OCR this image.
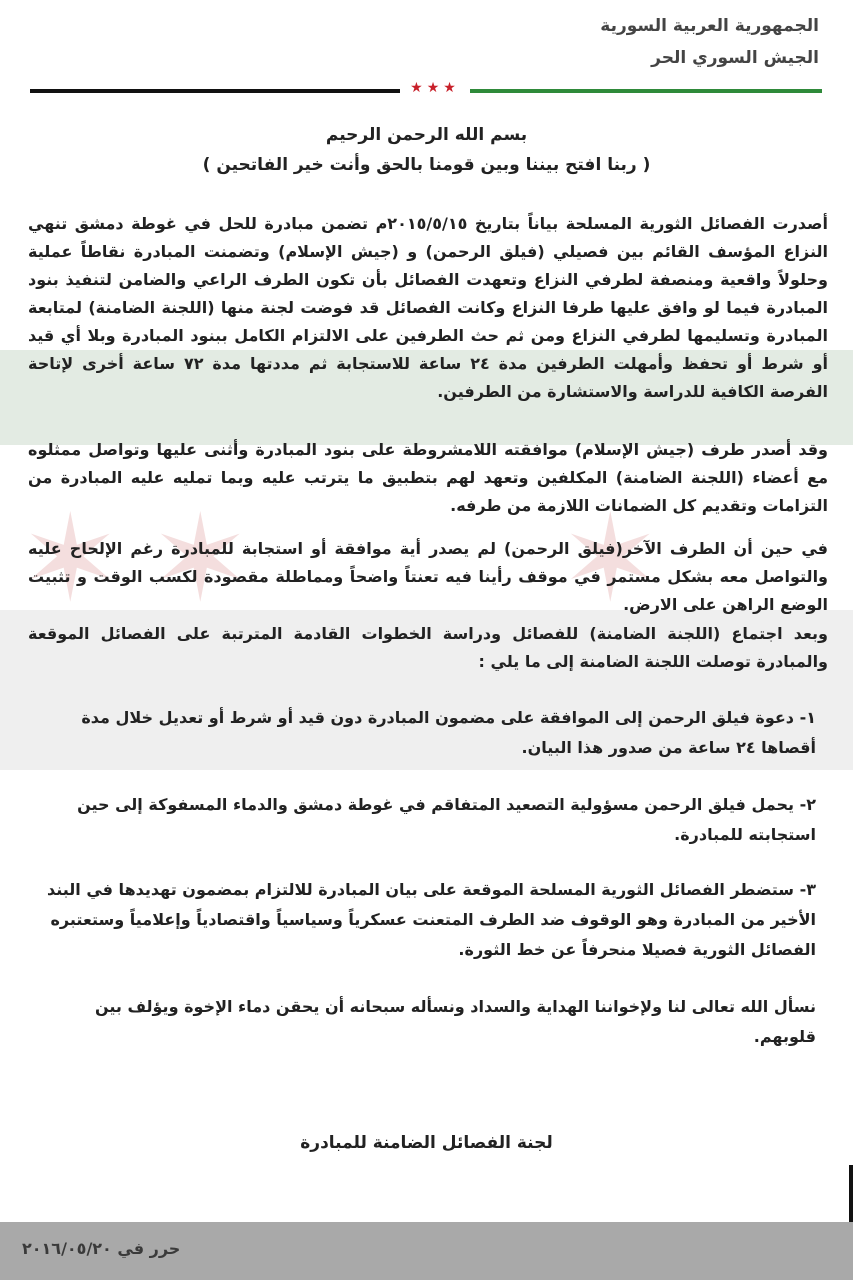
✶	✶
✶
الجمهورية العربية السورية
الجيش السوري الحر
★★★
بسم الله الرحمن الرحيم
( ربنا افتح بيننا وبين قومنا بالحق وأنت خير الفاتحين )
أصدرت الفصائل الثورية المسلحة بياناً بتاريخ ٢٠١٥/٥/١٥م تضمن مبادرة للحل في غوطة دمشق تنهي النزاع المؤسف القائم بين فصيلي (فيلق الرحمن) و (جيش الإسلام) وتضمنت المبادرة نقاطاً عملية وحلولاً واقعية ومنصفة لطرفي النزاع وتعهدت الفصائل بأن تكون الطرف الراعي والضامن لتنفيذ بنود المبادرة فيما لو وافق عليها طرفا النزاع وكانت الفصائل قد فوضت لجنة منها (اللجنة الضامنة) لمتابعة المبادرة وتسليمها لطرفي النزاع ومن ثم حث الطرفين على الالتزام الكامل ببنود المبادرة وبلا أي قيد أو شرط أو تحفظ وأمهلت الطرفين مدة ٢٤ ساعة للاستجابة ثم مددتها مدة ٧٢ ساعة أخرى لإتاحة الفرصة الكافية للدراسة والاستشارة من الطرفين.
وقد أصدر طرف (جيش الإسلام) موافقته اللامشروطة على بنود المبادرة وأثنى عليها وتواصل ممثلوه مع أعضاء (اللجنة الضامنة) المكلفين وتعهد لهم بتطبيق ما يترتب عليه وبما تمليه عليه المبادرة من التزامات وتقديم كل الضمانات اللازمة من طرفه.
في حين أن الطرف الآخر(فيلق الرحمن) لم يصدر أية موافقة أو استجابة للمبادرة رغم الإلحاح عليه والتواصل معه بشكل مستمر في موقف رأينا فيه تعنتاً واضحاً ومماطلة مقصودة لكسب الوقت و تثبيت الوضع الراهن على الارض.
وبعد اجتماع (اللجنة الضامنة) للفصائل ودراسة الخطوات القادمة المترتبة على الفصائل الموقعة والمبادرة توصلت اللجنة الضامنة إلى ما يلي :
١- دعوة فيلق الرحمن إلى الموافقة على مضمون المبادرة دون قيد أو شرط أو تعديل خلال مدة أقصاها ٢٤ ساعة من صدور هذا البيان.
٢- يحمل فيلق الرحمن مسؤولية التصعيد المتفاقم في غوطة دمشق والدماء المسفوكة إلى حين استجابته للمبادرة.
٣- ستضطر الفصائل الثورية المسلحة الموقعة على بيان المبادرة للالتزام بمضمون تهديدها في البند الأخير من المبادرة وهو الوقوف ضد الطرف المتعنت عسكرياً وسياسياً واقتصادياً وإعلامياً وستعتبره الفصائل الثورية فصيلا منحرفاً عن خط الثورة.
نسأل الله تعالى لنا ولإخواننا الهداية والسداد ونسأله سبحانه أن يحقن دماء الإخوة ويؤلف بين قلوبهم.
لجنة الفصائل الضامنة للمبادرة
حرر في ٢٠١٦/٠٥/٢٠
